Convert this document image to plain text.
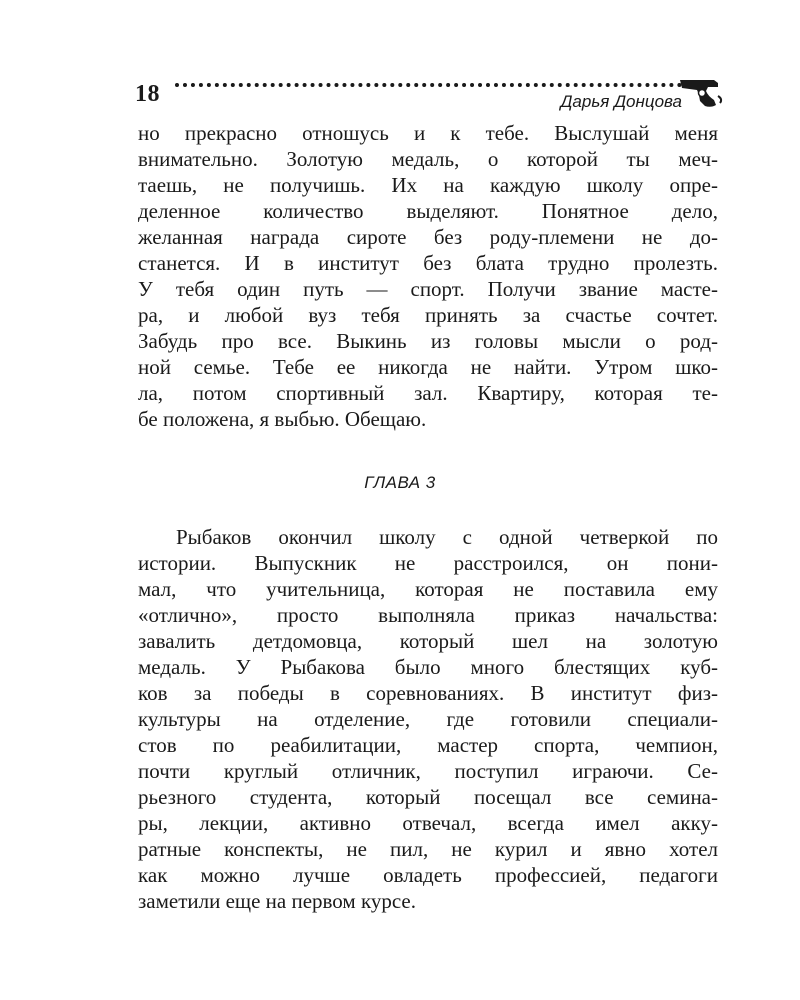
18	Дарья Донцова
но прекрасно отношусь и к тебе. Выслушай меня
внимательно. Золотую медаль, о которой ты меч-
таешь, не получишь. Их на каждую школу опре-
деленное количество выделяют. Понятное дело,
желанная награда сироте без роду-племени не до-
станется. И в институт без блата трудно пролезть.
У тебя один путь — спорт. Получи звание масте-
ра, и любой вуз тебя принять за счастье сочтет.
Забудь про все. Выкинь из головы мысли о род-
ной семье. Тебе ее никогда не найти. Утром шко-
ла, потом спортивный зал. Квартиру, которая те-
бе положена, я выбью. Обещаю.
ГЛАВА 3
Рыбаков окончил школу с одной четверкой по
истории. Выпускник не расстроился, он пони-
мал, что учительница, которая не поставила ему
«отлично», просто выполняла приказ начальства:
завалить детдомовца, который шел на золотую
медаль. У Рыбакова было много блестящих куб-
ков за победы в соревнованиях. В институт физ-
культуры на отделение, где готовили специали-
стов по реабилитации, мастер спорта, чемпион,
почти круглый отличник, поступил играючи. Се-
рьезного студента, который посещал все семина-
ры, лекции, активно отвечал, всегда имел акку-
ратные конспекты, не пил, не курил и явно хотел
как можно лучше овладеть профессией, педагоги
заметили еще на первом курсе.
